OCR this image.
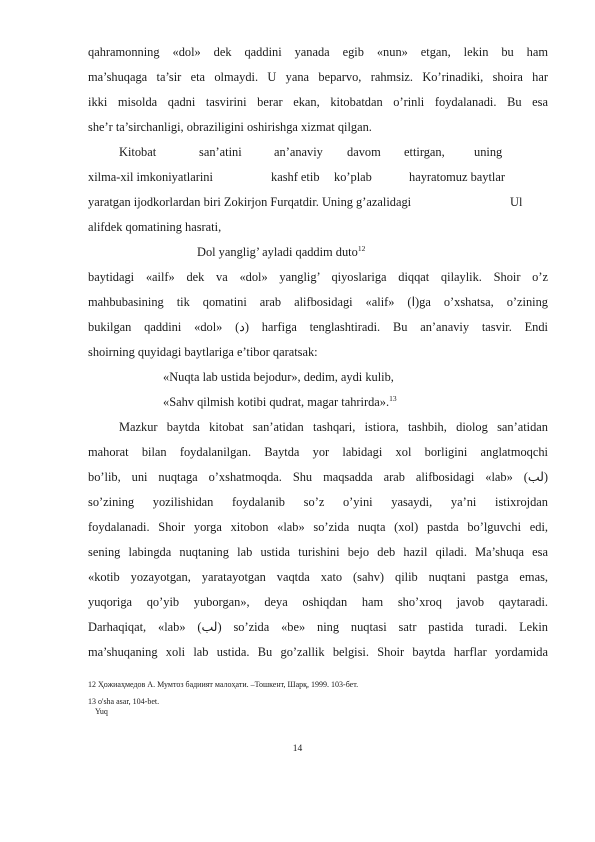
qahramonning «dol» dek qaddini yanada egib «nun» etgan, lekin bu ham
ma’shuqaga ta’sir eta olmaydi. U yana beparvo, rahmsiz. Ko’rinadiki, shoira har
ikki misolda qadni tasvirini berar ekan, kitobatdan o’rinli foydalanadi. Bu esa
she’r ta’sirchanligi, obraziliginі oshirishga xizmat qilgan.
Kitobat	san’atini	an’anaviy davom ettirgan, uning
xilma-xil imkoniyatlarini	kashf etib ko’plab	hayratomuz baytlar
yaratgan ijodkorlardan biri Zokirjon Furqatdir. Uning g’azalidagi	Ul
alifdek qomatining hasrati,
Dol yanglig’ ayladi qaddim duto$^{12}$
baytidagi «ailf» dek va «dol» yanglig’ qiyoslariga diqqat qilaylik. Shoir o’z
mahbubasining tik qomatini arab alifbosidagi «alif» (ا)ga o’xshatsa, o’zining
bukilgan qaddini «dol» (د) harfiga tenglashtiradi. Bu an’anaviy tasvir. Endi
shoirning quyidagi baytlariga e’tibor qaratsak:
«Nuqta lab ustida bejodur», dedim, aydi kulib,
«Sahv qilmish kotibi qudrat, magar tahrirda».$^{13}$
Mazkur baytda kitobat san’atidan tashqari, istiora, tashbih, diolog san’atidan
mahorat bilan foydalanilgan. Baytda yor labidagi xol borligini anglatmoqchi
bo’lib, uni nuqtaga o’xshatmoqda. Shu maqsadda arab alifbosidagi «lab» (لب)
so’zining yozilishidan foydalanib so’z o’yini yasaydi, ya’ni istixrojdan
foydalanadi. Shoir yorga xitobon «lab» so’zida nuqta (xol) pastda bo’lguvchi edi,
sening labingda nuqtaning lab ustida turishini bejo deb hazil qiladi. Ma’shuqa esa
«kotib yozayotgan, yaratayotgan vaqtda xato (sahv) qilib nuqtani pastga emas,
yuqoriga qo’yib yuborgan», deya oshiqdan ham sho’xroq javob qaytaradi.
Darhaqiqat, «lab» (لب) so’zida «be» ning nuqtasi satr pastida turadi. Lekin
ma’shuqaning xoli lab ustida. Bu go’zallik belgisi. Shoir baytda harflar yordamida
12 Ҳожиаҳмедов А. Мумтоз бадиият малоҳати. –Тошкент, Шарқ, 1999. 103-бет.
13 o'sha asar, 104-bet.
Yuq
14
